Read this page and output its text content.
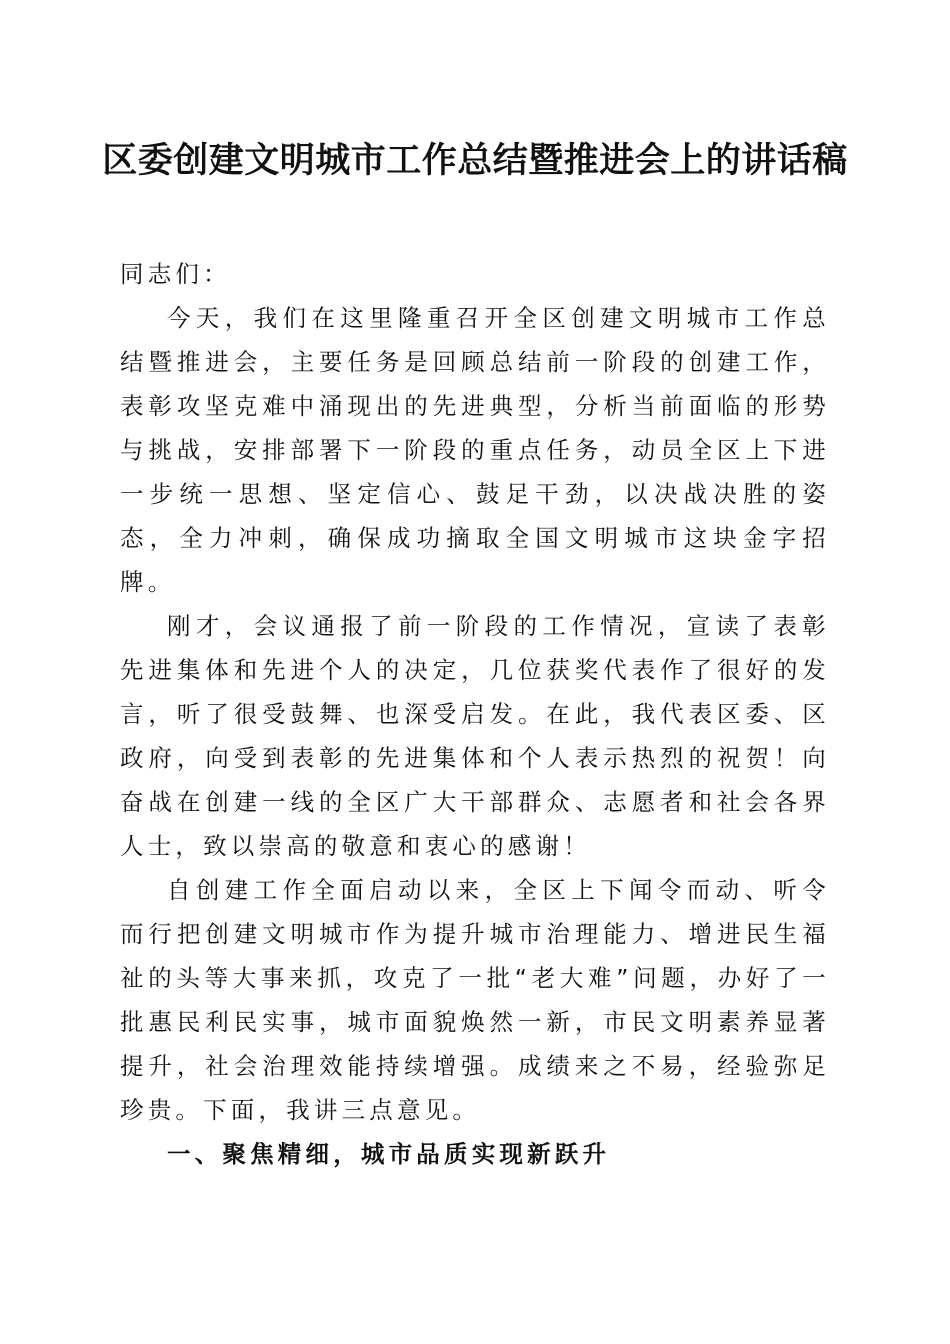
区委创建文明城市工作总结暨推进会上的讲话稿

同志们：

今天，我们在这里隆重召开全区创建文明城市工作总结暨推进会，主要任务是回顾总结前一阶段的创建工作，表彰攻坚克难中涌现出的先进典型，分析当前面临的形势与挑战，安排部署下一阶段的重点任务，动员全区上下进一步统一思想、坚定信心、鼓足干劲，以决战决胜的姿态，全力冲刺，确保成功摘取全国文明城市这块金字招牌。

刚才，会议通报了前一阶段的工作情况，宣读了表彰先进集体和先进个人的决定，几位获奖代表作了很好的发言，听了很受鼓舞、也深受启发。在此，我代表区委、区政府，向受到表彰的先进集体和个人表示热烈的祝贺！向奋战在创建一线的全区广大干部群众、志愿者和社会各界人士，致以崇高的敬意和衷心的感谢！

自创建工作全面启动以来，全区上下闻令而动、听令而行把创建文明城市作为提升城市治理能力、增进民生福祉的头等大事来抓，攻克了一批“老大难”问题，办好了一批惠民利民实事，城市面貌焕然一新，市民文明素养显著提升，社会治理效能持续增强。成绩来之不易，经验弥足珍贵。下面，我讲三点意见。

一、聚焦精细，城市品质实现新跃升
